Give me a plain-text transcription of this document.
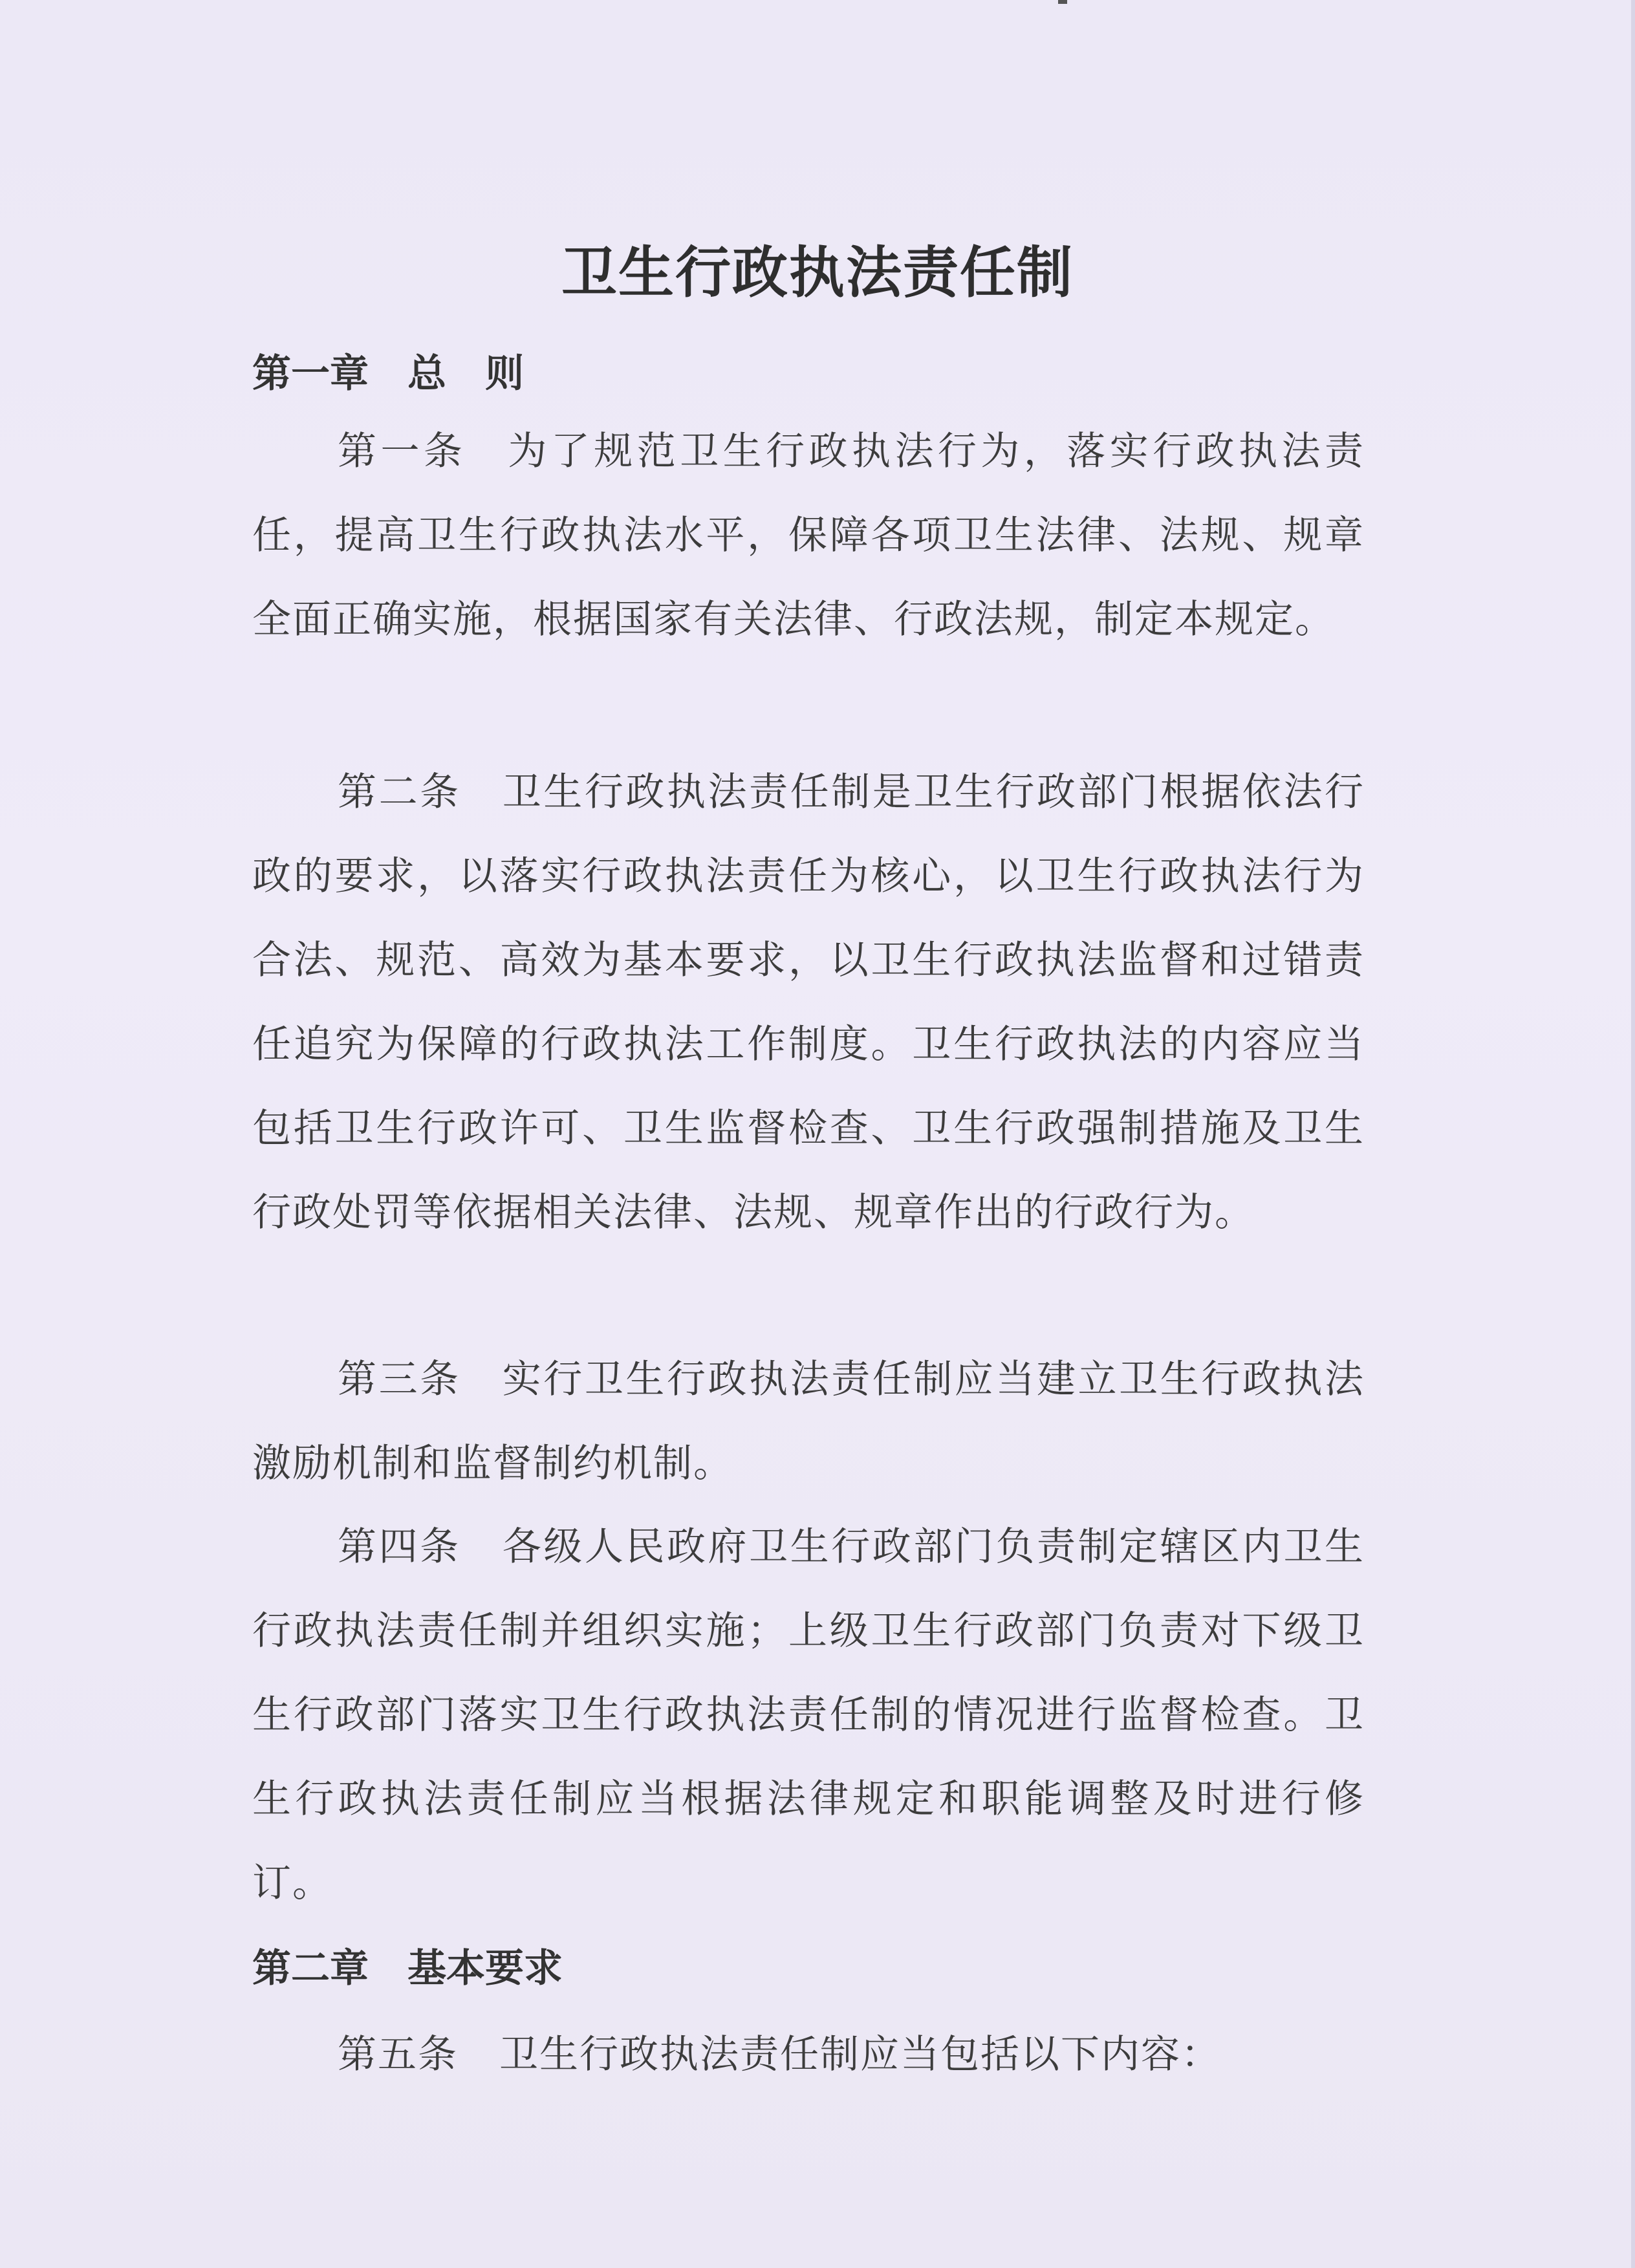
卫生行政执法责任制
第一章　总　则

第一条 为了规范卫生行政执法行为，落实行政执法责任，提高卫生行政执法水平，保障各项卫生法律、法规、规章全面正确实施，根据国家有关法律、行政法规，制定本规定。

第二条 卫生行政执法责任制是卫生行政部门根据依法行政的要求，以落实行政执法责任为核心，以卫生行政执法行为合法、规范、高效为基本要求，以卫生行政执法监督和过错责任追究为保障的行政执法工作制度。卫生行政执法的内容应当包括卫生行政许可、卫生监督检查、卫生行政强制措施及卫生行政处罚等依据相关法律、法规、规章作出的行政行为。

第三条 实行卫生行政执法责任制应当建立卫生行政执法激励机制和监督制约机制。

第四条 各级人民政府卫生行政部门负责制定辖区内卫生行政执法责任制并组织实施；上级卫生行政部门负责对下级卫生行政部门落实卫生行政执法责任制的情况进行监督检查。卫生行政执法责任制应当根据法律规定和职能调整及时进行修订。

第二章　基本要求

第五条 卫生行政执法责任制应当包括以下内容：
